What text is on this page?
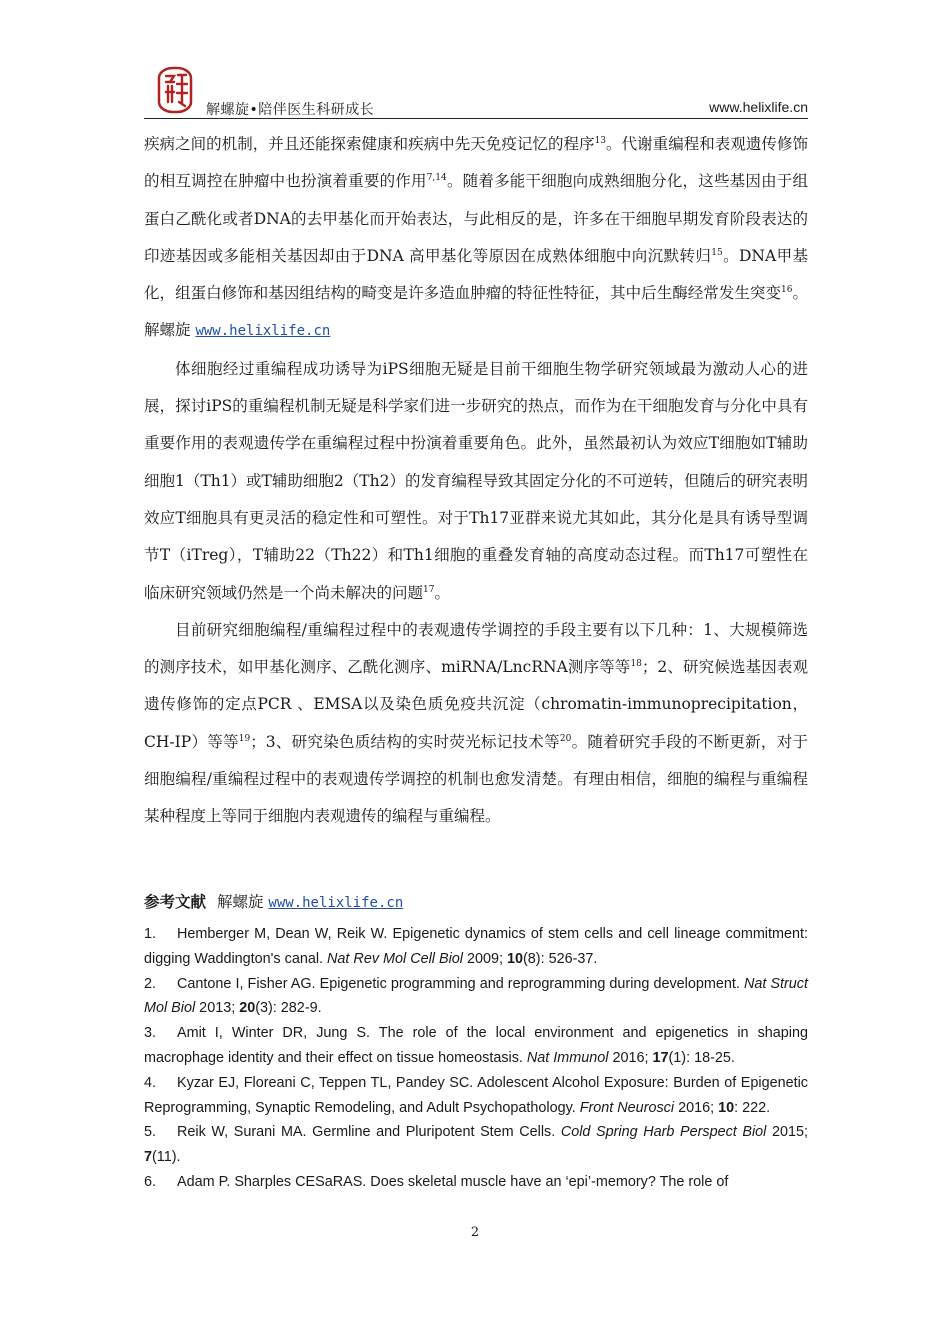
解螺旋•陪伴医生科研成长	www.helixlife.cn

疾病之间的机制，并且还能探索健康和疾病中先天免疫记忆的程序$^{13}$。代谢重编程和表观遗传修饰的相互调控在肿瘤中也扮演着重要的作用$^{7,14}$。随着多能干细胞向成熟细胞分化，这些基因由于组蛋白乙酰化或者DNA的去甲基化而开始表达，与此相反的是，许多在干细胞早期发育阶段表达的印迹基因或多能相关基因却由于DNA 高甲基化等原因在成熟体细胞中向沉默转归$^{15}$。DNA甲基化，组蛋白修饰和基因组结构的畸变是许多造血肿瘤的特征性特征，其中后生酶经常发生突变$^{16}$。解螺旋 www.helixlife.cn

体细胞经过重编程成功诱导为iPS细胞无疑是目前干细胞生物学研究领域最为激动人心的进展，探讨iPS的重编程机制无疑是科学家们进一步研究的热点，而作为在干细胞发育与分化中具有重要作用的表观遗传学在重编程过程中扮演着重要角色。此外，虽然最初认为效应T细胞如T辅助细胞1（Th1）或T辅助细胞2（Th2）的发育编程导致其固定分化的不可逆转，但随后的研究表明效应T细胞具有更灵活的稳定性和可塑性。对于Th17亚群来说尤其如此，其分化是具有诱导型调节T（iTreg），T辅助22（Th22）和Th1细胞的重叠发育轴的高度动态过程。而Th17可塑性在临床研究领域仍然是一个尚未解决的问题$^{17}$。

目前研究细胞编程/重编程过程中的表观遗传学调控的手段主要有以下几种：1、大规模筛选的测序技术，如甲基化测序、乙酰化测序、miRNA/LncRNA测序等等$^{18}$；2、研究候选基因表观遗传修饰的定点PCR 、EMSA以及染色质免疫共沉淀（chromatin-immunoprecipitation，CH-IP）等等$^{19}$；3、研究染色质结构的实时荧光标记技术等$^{20}$。随着研究手段的不断更新，对于细胞编程/重编程过程中的表观遗传学调控的机制也愈发清楚。有理由相信，细胞的编程与重编程某种程度上等同于细胞内表观遗传的编程与重编程。

参考文献 解螺旋 www.helixlife.cn
1. Hemberger M, Dean W, Reik W. Epigenetic dynamics of stem cells and cell lineage commitment: digging Waddington's canal. Nat Rev Mol Cell Biol 2009; 10(8): 526-37.
2. Cantone I, Fisher AG. Epigenetic programming and reprogramming during development. Nat Struct Mol Biol 2013; 20(3): 282-9.
3. Amit I, Winter DR, Jung S. The role of the local environment and epigenetics in shaping macrophage identity and their effect on tissue homeostasis. Nat Immunol 2016; 17(1): 18-25.
4. Kyzar EJ, Floreani C, Teppen TL, Pandey SC. Adolescent Alcohol Exposure: Burden of Epigenetic Reprogramming, Synaptic Remodeling, and Adult Psychopathology. Front Neurosci 2016; 10: 222.
5. Reik W, Surani MA. Germline and Pluripotent Stem Cells. Cold Spring Harb Perspect Biol 2015; 7(11).
6. Adam P. Sharples CESaRAS. Does skeletal muscle have an ‘epi’-memory? The role of
2
